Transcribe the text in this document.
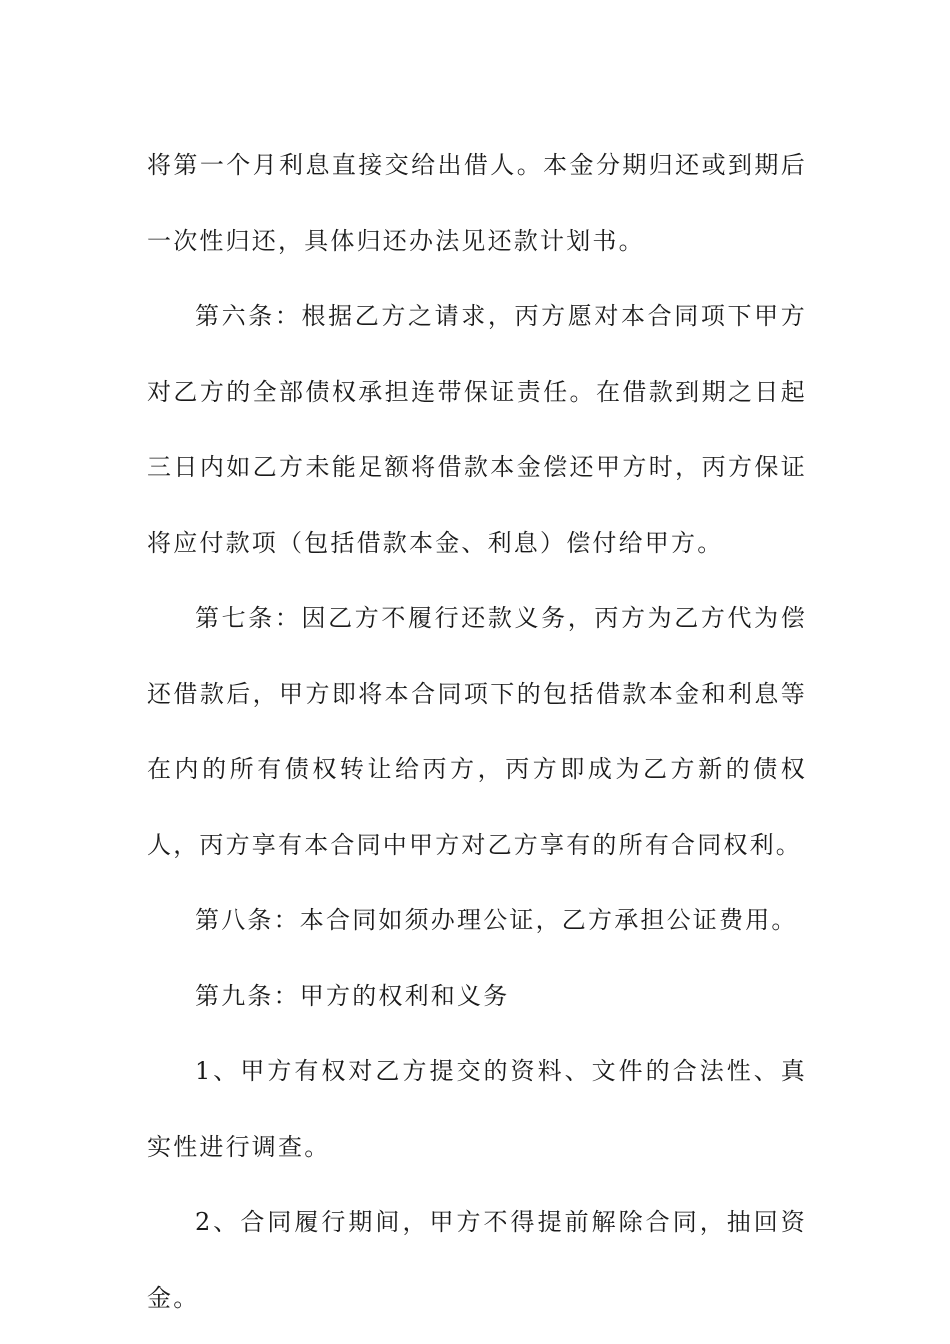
将第一个月利息直接交给出借人。本金分期归还或到期后一次性归还，具体归还办法见还款计划书。

第六条：根据乙方之请求，丙方愿对本合同项下甲方对乙方的全部债权承担连带保证责任。在借款到期之日起三日内如乙方未能足额将借款本金偿还甲方时，丙方保证将应付款项（包括借款本金、利息）偿付给甲方。

第七条：因乙方不履行还款义务，丙方为乙方代为偿还借款后，甲方即将本合同项下的包括借款本金和利息等在内的所有债权转让给丙方，丙方即成为乙方新的债权人，丙方享有本合同中甲方对乙方享有的所有合同权利。

第八条：本合同如须办理公证，乙方承担公证费用。

第九条：甲方的权利和义务

1、甲方有权对乙方提交的资料、文件的合法性、真实性进行调查。

2、合同履行期间，甲方不得提前解除合同，抽回资金。
